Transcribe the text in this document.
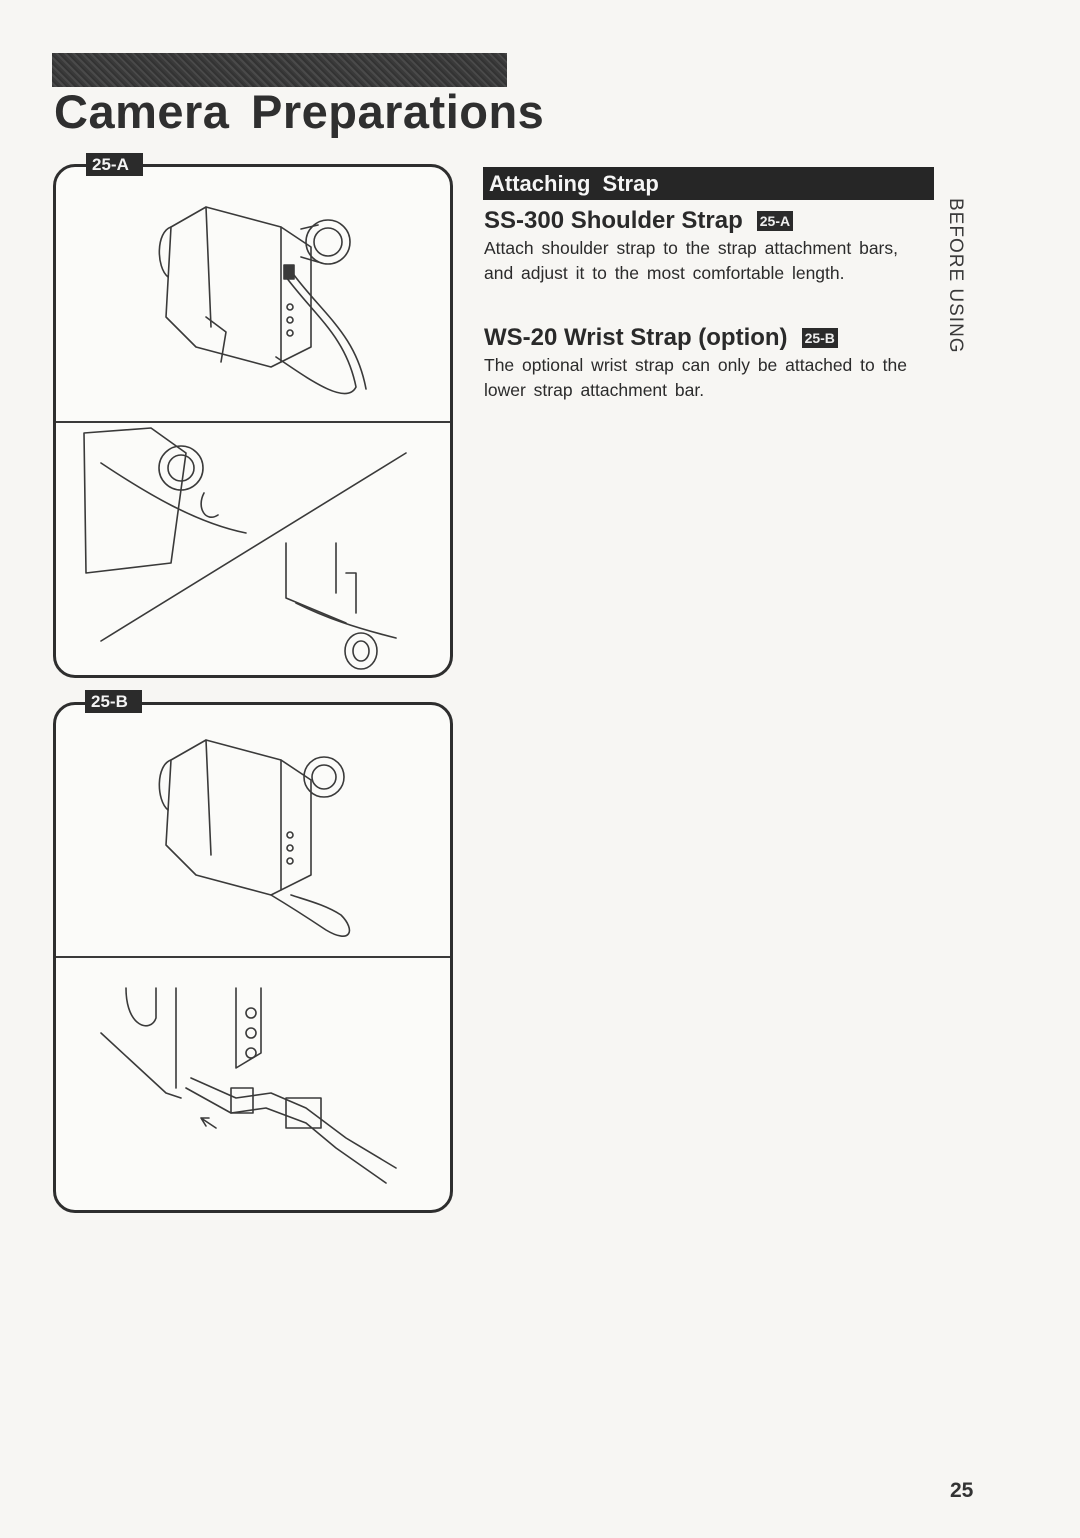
Camera Preparations
25-A
25-B
Attaching Strap
SS-300 Shoulder Strap 25-A
Attach shoulder strap to the strap attachment bars, and adjust it to the most comfortable length.
WS-20 Wrist Strap (option) 25-B
The optional wrist strap can only be attached to the lower strap attachment bar.
BEFORE USING
25
